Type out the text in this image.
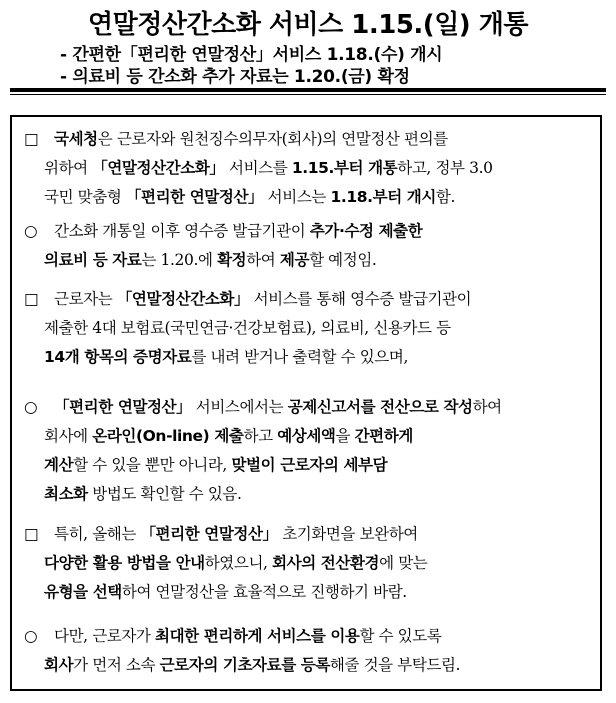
연말정산간소화 서비스 1.15.(일) 개통
- 간편한「편리한 연말정산」서비스 1.18.(수) 개시
- 의료비 등 간소화 추가 자료는 1.20.(금) 확정
□ 국세청은 근로자와 원천징수의무자(회사)의 연말정산 편의를
위하여 「연말정산간소화」 서비스를 1.15.부터 개통하고, 정부 3.0
국민 맞춤형 「편리한 연말정산」 서비스는 1.18.부터 개시함.
○ 간소화 개통일 이후 영수증 발급기관이 추가·수정 제출한
의료비 등 자료는 1.20.에 확정하여 제공할 예정임.
□ 근로자는 「연말정산간소화」 서비스를 통해 영수증 발급기관이
제출한 4대 보험료(국민연금·건강보험료), 의료비, 신용카드 등
14개 항목의 증명자료를 내려 받거나 출력할 수 있으며,
○ 「편리한 연말정산」 서비스에서는 공제신고서를 전산으로 작성하여
회사에 온라인(On-line) 제출하고 예상세액을 간편하게
계산할 수 있을 뿐만 아니라, 맞벌이 근로자의 세부담
최소화 방법도 확인할 수 있음.
□ 특히, 올해는 「편리한 연말정산」 초기화면을 보완하여
다양한 활용 방법을 안내하였으니, 회사의 전산환경에 맞는
유형을 선택하여 연말정산을 효율적으로 진행하기 바람.
○ 다만, 근로자가 최대한 편리하게 서비스를 이용할 수 있도록
회사가 먼저 소속 근로자의 기초자료를 등록해줄 것을 부탁드림.
